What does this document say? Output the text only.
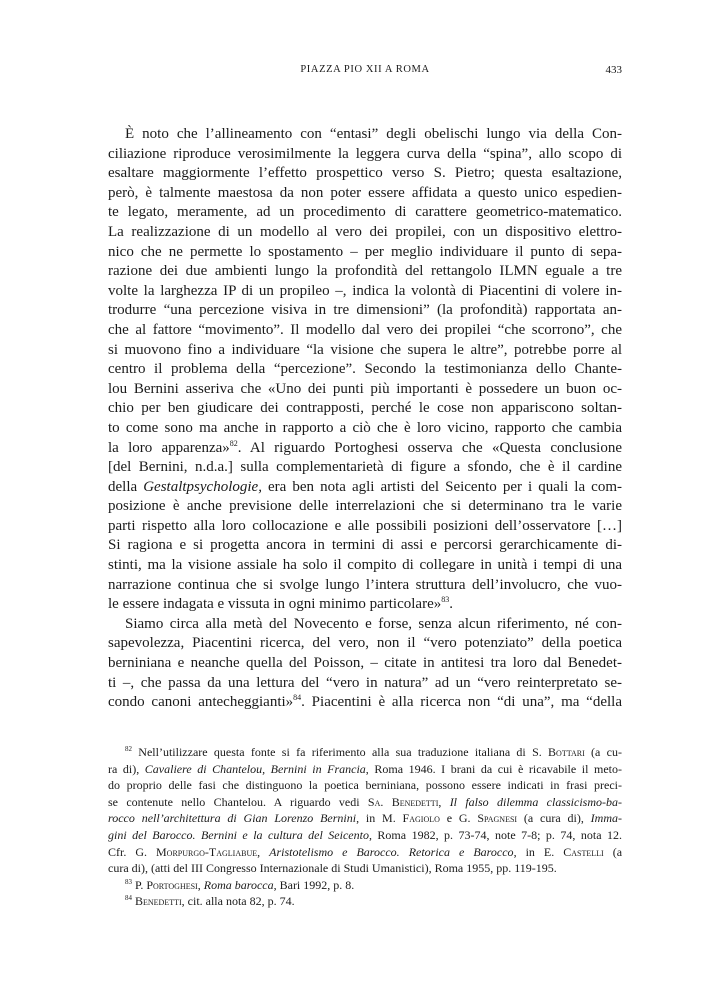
PIAZZA PIO XII A ROMA	433

È noto che l’allineamento con “entasi” degli obelischi lungo via della Con-
ciliazione riproduce verosimilmente la leggera curva della “spina”, allo scopo di
esaltare maggiormente l’effetto prospettico verso S. Pietro; questa esaltazione,
però, è talmente maestosa da non poter essere affidata a questo unico espedien-
te legato, meramente, ad un procedimento di carattere geometrico-matematico.
La realizzazione di un modello al vero dei propilei, con un dispositivo elettro-
nico che ne permette lo spostamento – per meglio individuare il punto di sepa-
razione dei due ambienti lungo la profondità del rettangolo ILMN eguale a tre
volte la larghezza IP di un propileo –, indica la volontà di Piacentini di volere in-
trodurre “una percezione visiva in tre dimensioni” (la profondità) rapportata an-
che al fattore “movimento”. Il modello dal vero dei propilei “che scorrono”, che
si muovono fino a individuare “la visione che supera le altre”, potrebbe porre al
centro il problema della “percezione”. Secondo la testimonianza dello Chante-
lou Bernini asseriva che «Uno dei punti più importanti è possedere un buon oc-
chio per ben giudicare dei contrapposti, perché le cose non appariscono soltan-
to come sono ma anche in rapporto a ciò che è loro vicino, rapporto che cambia
la loro apparenza»$^{82}$. Al riguardo Portoghesi osserva che «Questa conclusione
[del Bernini, n.d.a.] sulla complementarietà di figure a sfondo, che è il cardine
della Gestaltpsychologie, era ben nota agli artisti del Seicento per i quali la com-
posizione è anche previsione delle interrelazioni che si determinano tra le varie
parti rispetto alla loro collocazione e alle possibili posizioni dell’osservatore […]
Si ragiona e si progetta ancora in termini di assi e percorsi gerarchicamente di-
stinti, ma la visione assiale ha solo il compito di collegare in unità i tempi di una
narrazione continua che si svolge lungo l’intera struttura dell’involucro, che vuo-
le essere indagata e vissuta in ogni minimo particolare»$^{83}$.

Siamo circa alla metà del Novecento e forse, senza alcun riferimento, né con-
sapevolezza, Piacentini ricerca, del vero, non il “vero potenziato” della poetica
berniniana e neanche quella del Poisson, – citate in antitesi tra loro dal Benedet-
ti –, che passa da una lettura del “vero in natura” ad un “vero reinterpretato se-
condo canoni antecheggianti»$^{84}$. Piacentini è alla ricerca non “di una”, ma “della

$^{82}$ Nell’utilizzare questa fonte si fa riferimento alla sua traduzione italiana di S. Bottari (a cu-
ra di), Cavaliere di Chantelou, Bernini in Francia, Roma 1946. I brani da cui è ricavabile il meto-
do proprio delle fasi che distinguono la poetica berniniana, possono essere indicati in frasi preci-
se contenute nello Chantelou. A riguardo vedi Sa. Benedetti, Il falso dilemma classicismo-ba-
rocco nell’architettura di Gian Lorenzo Bernini, in M. Fagiolo e G. Spagnesi (a cura di), Imma-
gini del Barocco. Bernini e la cultura del Seicento, Roma 1982, p. 73-74, note 7-8; p. 74, nota 12.
Cfr. G. Morpurgo-Tagliabue, Aristotelismo e Barocco. Retorica e Barocco, in E. Castelli (a
cura di), (atti del III Congresso Internazionale di Studi Umanistici), Roma 1955, pp. 119-195.
$^{83}$ P. Portoghesi, Roma barocca, Bari 1992, p. 8.
$^{84}$ Benedetti, cit. alla nota 82, p. 74.
